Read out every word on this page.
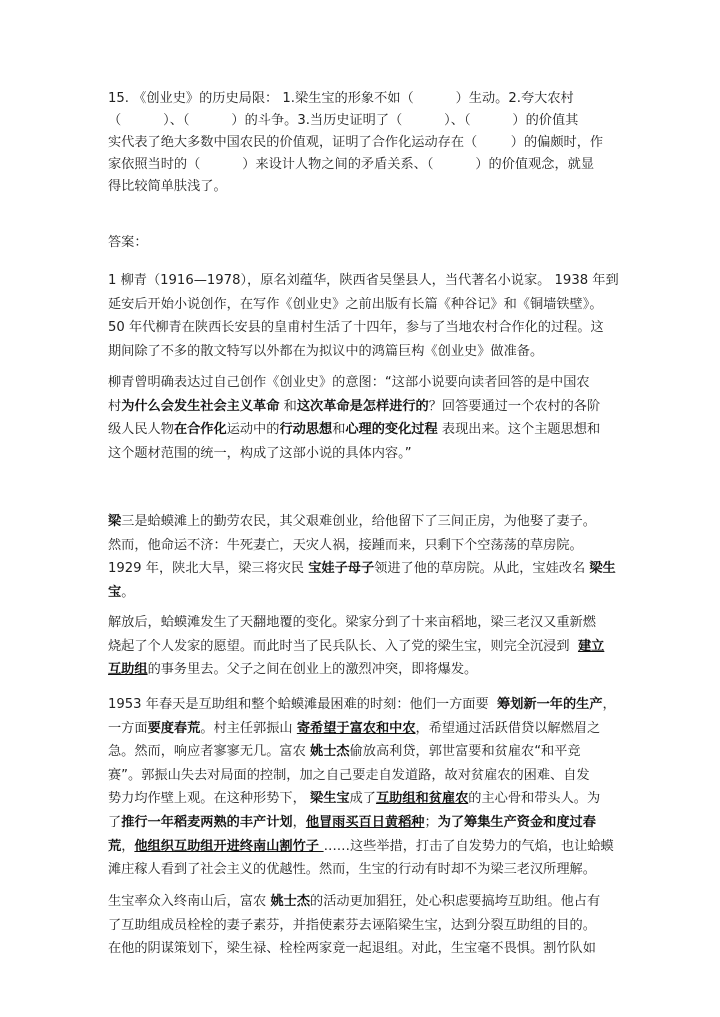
15. 《创业史》的历史局限： 1.梁生宝的形象不如（          ）生动。2.夸大农村
（          ）、（          ）的斗争。3.当历史证明了（          ）、（          ）的价值其
实代表了绝大多数中国农民的价值观，证明了合作化运动存在（        ）的偏颇时，作
家依照当时的（          ）来设计人物之间的矛盾关系、（          ）的价值观念，就显
得比较简单肤浅了。
答案：
1 柳青（1916—1978），原名刘蕴华，陕西省吴堡县人，当代著名小说家。 1938 年到
延安后开始小说创作，在写作《创业史》之前出版有长篇《种谷记》和《铜墙铁壁》。
50 年代柳青在陕西长安县的皇甫村生活了十四年，参与了当地农村合作化的过程。这
期间除了不多的散文特写以外都在为拟议中的鸿篇巨构《创业史》做准备。
柳青曾明确表达过自己创作《创业史》的意图：“这部小说要向读者回答的是中国农
村为什么会发生社会主义革命 和这次革命是怎样进行的？回答要通过一个农村的各阶
级人民人物在合作化运动中的行动思想和心理的变化过程 表现出来。这个主题思想和
这个题材范围的统一，构成了这部小说的具体内容。”
梁三是蛤蟆滩上的勤劳农民，其父艰难创业，给他留下了三间正房，为他娶了妻子。
然而，他命运不济：牛死妻亡，天灾人祸，接踵而来，只剩下个空荡荡的草房院。
1929 年，陕北大旱，梁三将灾民 宝娃子母子领进了他的草房院。从此，宝娃改名 梁生
宝。
解放后，蛤蟆滩发生了天翻地覆的变化。梁家分到了十来亩稻地，梁三老汉又重新燃
烧起了个人发家的愿望。而此时当了民兵队长、入了党的梁生宝，则完全沉浸到  建立
互助组的事务里去。父子之间在创业上的激烈冲突，即将爆发。
1953 年春天是互助组和整个蛤蟆滩最困难的时刻：他们一方面要  筹划新一年的生产，
一方面要度春荒。村主任郭振山 寄希望于富农和中农，希望通过活跃借贷以解燃眉之
急。然而，响应者寥寥无几。富农 姚士杰偷放高利贷，郭世富要和贫雇农“和平竞
赛”。郭振山失去对局面的控制，加之自己要走自发道路，故对贫雇农的困难、自发
势力均作壁上观。在这种形势下， 梁生宝成了互助组和贫雇农的主心骨和带头人。为
了推行一年稻麦两熟的丰产计划，他冒雨买百日黄稻种；为了筹集生产资金和度过春
荒，他组织互助组开进终南山割竹子 ……这些举措，打击了自发势力的气焰，也让蛤蟆
滩庄稼人看到了社会主义的优越性。然而，生宝的行动有时却不为梁三老汉所理解。
生宝率众入终南山后，富农 姚士杰的活动更加猖狂，处心积虑要搞垮互助组。他占有
了互助组成员栓栓的妻子素芬，并指使素芬去诬陷梁生宝，达到分裂互助组的目的。
在他的阴谋策划下，梁生禄、栓栓两家竟一起退组。对此，生宝毫不畏惧。割竹队如
